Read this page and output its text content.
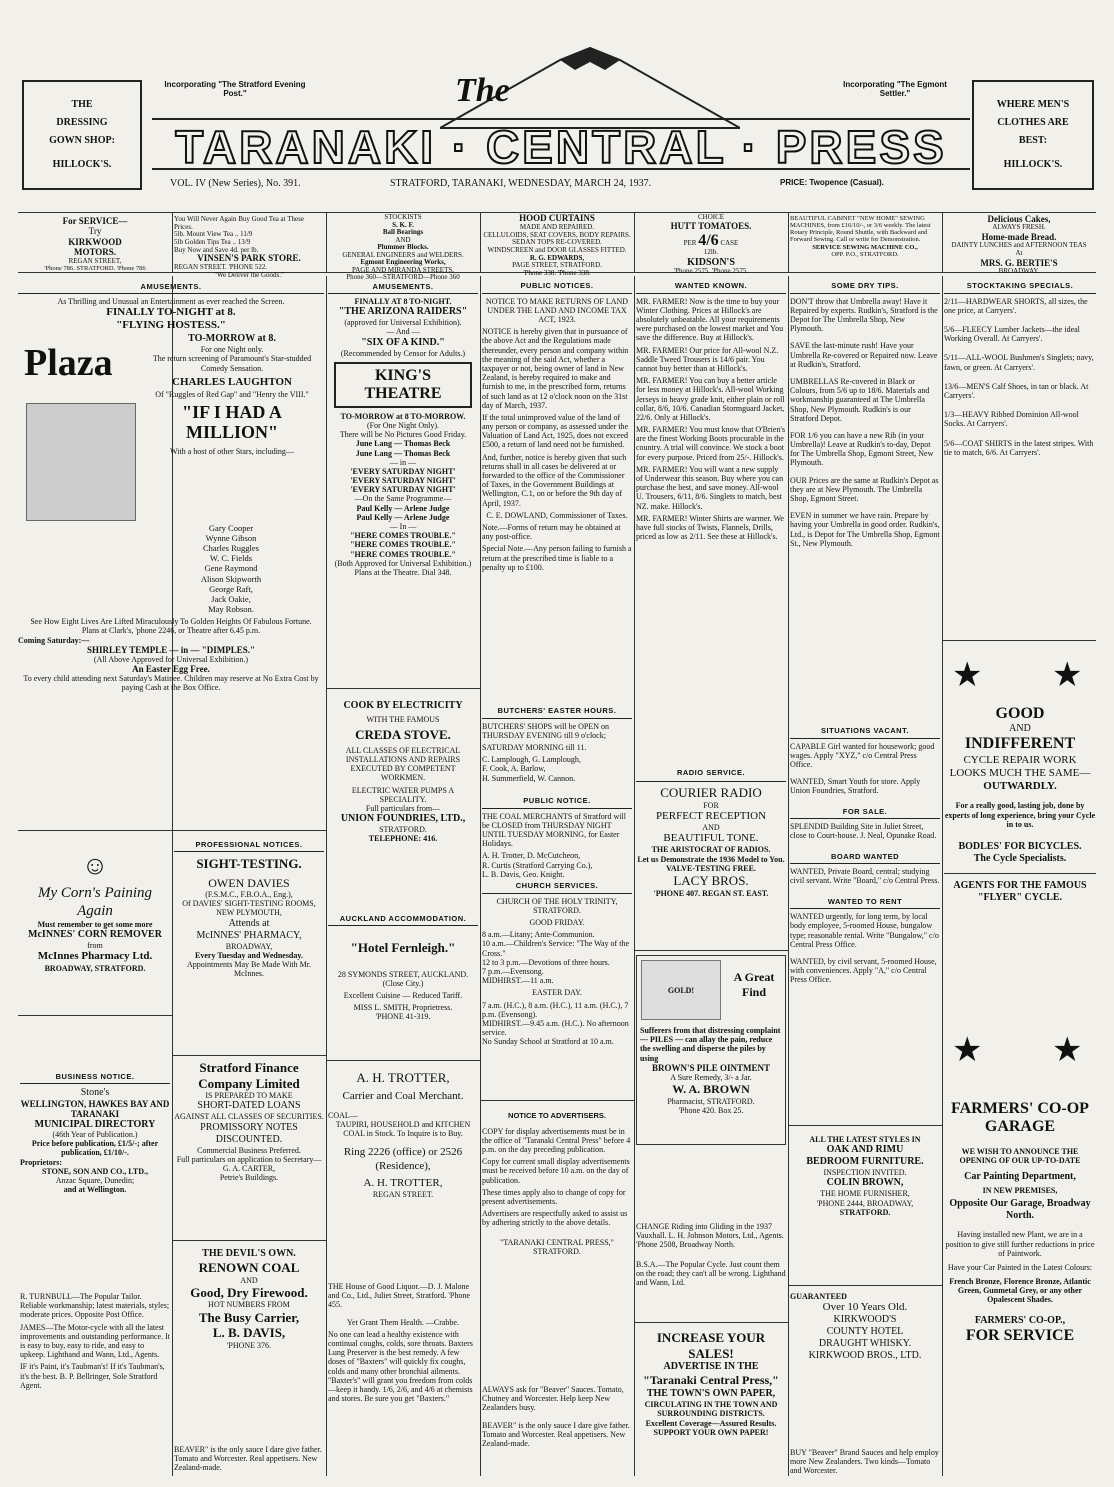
THE
DRESSING
GOWN SHOP:
HILLOCK'S.
WHERE MEN'S
CLOTHES ARE
BEST:
HILLOCK'S.
Incorporating "The Stratford Evening Post."
Incorporating "The Egmont Settler."
The
TARANAKI · CENTRAL · PRESS
VOL. IV (New Series), No. 391.	STRATFORD, TARANAKI, WEDNESDAY, MARCH 24, 1937.	PRICE: Twopence (Casual).
For SERVICE—
Try
KIRKWOOD
MOTORS.
REGAN STREET,
'Phone 786. STRATFORD. 'Phone 786
You Will Never Again Buy Good Tea at These Prices.
5lb. Mount View Tea .. 11/9
5lb Golden Tips Tea .. 13/9
Buy Now and Save 4d. per lb.
VINSEN'S PARK STORE.
REGAN STREET. 'PHONE 522.
"We Deliver the Goods."
STOCKISTS
S. K. F.
Ball Bearings
AND
Plummer Blocks.
GENERAL ENGINEERS and WELDERS.
Egmont Engineering Works,
PAGE AND MIRANDA STREETS,
Phone 360—STRATFORD—Phone 360
HOOD CURTAINS
MADE AND REPAIRED.
CELLULOIDS, SEAT COVERS, BODY REPAIRS.
SEDAN TOPS RE-COVERED.
WINDSCREEN and DOOR GLASSES FITTED.
R. G. EDWARDS,
PAGE STREET, STRATFORD.
'Phone 338. 'Phone 338.
CHOICE
HUTT TOMATOES.
PER 4/6 CASE
12lb.
KIDSON'S
'Phone 2575. 'Phone 2575.
BEAUTIFUL CABINET "NEW HOME" SEWING MACHINES, from £16/10/-, or 3/6 weekly. The latest Rotary Principle, Round Shuttle, with Backward and Forward Sewing. Call or write for Demonstration.
SERVICE SEWING MACHINE CO.,
OPP. P.O., STRATFORD.
Delicious Cakes,
ALWAYS FRESH.
Home-made Bread.
DAINTY LUNCHES and AFTERNOON TEAS
At
MRS. G. BERTIE'S
BROADWAY.
AMUSEMENTS.
As Thrilling and Unusual an Entertainment as ever reached the Screen.
FINALLY TO-NIGHT at 8.
"FLYING HOSTESS."
Plaza
TO-MORROW at 8.
For one Night only.
The return screening of Paramount's Star-studded Comedy Sensation.
CHARLES LAUGHTON
Of "Ruggles of Red Gap" and "Henry the VIII."
"IF I HAD A MILLION"
With a host of other Stars, including—
Gary Cooper
Wynne Gibson
Charles Ruggles
W. C. Fields
Gene Raymond
Alison Skipworth
George Raft,
Jack Oakie,
May Robson.
See How Eight Lives Are Lifted Miraculously To Golden Heights Of Fabulous Fortune.
Plans at Clark's, 'phone 2246, or Theatre after 6.45 p.m.
Coming Saturday:—
SHIRLEY TEMPLE — in — "DIMPLES."
(All Above Approved for Universal Exhibition.)
An Easter Egg Free.
To every child attending next Saturday's Matinee. Children may reserve at No Extra Cost by paying Cash at the Box Office.
☺
My Corn's Paining Again
Must remember to get some more
McINNES' CORN REMOVER
from
McInnes Pharmacy Ltd.
BROADWAY, STRATFORD.
BUSINESS NOTICE.
Stone's
WELLINGTON, HAWKES BAY AND TARANAKI
MUNICIPAL DIRECTORY
(46th Year of Publication.)
Price before publication, £1/5/-; after publication, £1/10/-.
Proprietors:
STONE, SON AND CO., LTD.,
Anzac Square, Dunedin;
and at Wellington.

R. TURNBULL—The Popular Tailor. Reliable workmanship; latest materials, styles; moderate prices. Opposite Post Office.

JAMES—The Motor-cycle with all the latest improvements and outstanding performance. It is easy to buy, easy to ride, and easy to upkeep. Lighthand and Wann, Ltd., Agents.

IF it's Paint, it's Taubman's! If it's Taubman's, it's the best. B. P. Bellringer, Sole Stratford Agent.

PROFESSIONAL NOTICES.
SIGHT-TESTING.
OWEN DAVIES
(F.S.M.C., F.B.O.A., Eng.),
Of DAVIES' SIGHT-TESTING ROOMS, NEW PLYMOUTH,
Attends at
McINNES' PHARMACY,
BROADWAY,
Every Tuesday and Wednesday.
Appointments May Be Made With Mr. McInnes.
Stratford Finance Company Limited
IS PREPARED TO MAKE
SHORT-DATED LOANS
AGAINST ALL CLASSES OF SECURITIES.
PROMISSORY NOTES DISCOUNTED.
Commercial Business Preferred.
Full particulars on application to Secretary—
G. A. CARTER,
Petrie's Buildings.
THE DEVIL'S OWN.
RENOWN COAL
AND
Good, Dry Firewood.
HOT NUMBERS FROM
The Busy Carrier,
L. B. DAVIS,
'PHONE 376.
BEAVER" is the only sauce I dare give father. Tomato and Worcester. Real appetisers. New Zealand-made.
AMUSEMENTS.
FINALLY AT 8 TO-NIGHT.
"THE ARIZONA RAIDERS"
(approved for Universal Exhibition).
— And —
"SIX OF A KIND."
(Recommended by Censor for Adults.)
KING'S THEATRE
TO-MORROW at 8 TO-MORROW.
(For One Night Only).
There will be No Pictures Good Friday.
June Lang — Thomas Beck
June Lang — Thomas Beck
— in —
'EVERY SATURDAY NIGHT'
'EVERY SATURDAY NIGHT'
'EVERY SATURDAY NIGHT'
—On the Same Programme—
Paul Kelly — Arlene Judge
Paul Kelly — Arlene Judge
— In —
"HERE COMES TROUBLE."
"HERE COMES TROUBLE."
"HERE COMES TROUBLE."
(Both Approved for Universal Exhibition.)
Plans at the Theatre. Dial 348.
COOK BY ELECTRICITY
WITH THE FAMOUS
CREDA STOVE.
ALL CLASSES OF ELECTRICAL INSTALLATIONS AND REPAIRS EXECUTED BY COMPETENT WORKMEN.
ELECTRIC WATER PUMPS A SPECIALITY.
Full particulars from—
UNION FOUNDRIES, LTD.,
STRATFORD.
TELEPHONE: 416.
AUCKLAND ACCOMMODATION.
"Hotel Fernleigh."
28 SYMONDS STREET, AUCKLAND. (Close City.)
Excellent Cuisine — Reduced Tariff.
MISS L. SMITH, Proprietress.
'PHONE 41-319.
A. H. TROTTER,
Carrier and Coal Merchant.
COAL—
TAUPIRI, HOUSEHOLD and KITCHEN COAL in Stock. To Inquire is to Buy.
Ring 2226 (office) or 2526 (Residence),
A. H. TROTTER,
REGAN STREET.

THE House of Good Liquor.—D. J. Malone and Co., Ltd., Juliet Street, Stratford. 'Phone 455.

Yet Grant Them Health. —Crabbe.

No one can lead a healthy existence with continual coughs, colds, sore throats. Baxters Lung Preserver is the best remedy. A few doses of "Baxters" will quickly fix coughs, colds and many other bronchial ailments. "Baxter's" will grant you freedom from colds—keep it handy. 1/6, 2/6, and 4/6 at chemists and stores. Be sure you get "Baxters."

PUBLIC NOTICES.

NOTICE TO MAKE RETURNS OF LAND UNDER THE LAND AND INCOME TAX ACT, 1923.

NOTICE is hereby given that in pursuance of the above Act and the Regulations made thereunder, every person and company within the meaning of the said Act, whether a taxpayer or not, being owner of land in New Zealand, is hereby required to make and furnish to me, in the prescribed form, returns of such land as at 12 o'clock noon on the 31st day of March, 1937.

If the total unimproved value of the land of any person or company, as assessed under the Valuation of Land Act, 1925, does not exceed £500, a return of land need not be furnished.

And, further, notice is hereby given that such returns shall in all cases be delivered at or forwarded to the office of the Commissioner of Taxes, in the Government Buildings at Wellington, C.1, on or before the 9th day of April, 1937.

C. E. DOWLAND, Commissioner of Taxes.

Note.—Forms of return may be obtained at any post-office.

Special Note.—Any person failing to furnish a return at the prescribed time is liable to a penalty up to £100.

BUTCHERS' EASTER HOURS.

BUTCHERS' SHOPS will be OPEN on THURSDAY EVENING till 9 o'clock;

SATURDAY MORNING till 11.

C. Lamplough, G. Lamplough,
F. Cook, A. Barlow,
H. Summerfield, W. Cannon.
PUBLIC NOTICE.

THE COAL MERCHANTS of Stratford will be CLOSED from THURSDAY NIGHT UNTIL TUESDAY MORNING, for Easter Holidays.

A. H. Trotter, D. McCutcheon,
R. Curtis (Stratford Carrying Co.),
L. B. Davis, Geo. Knight.
CHURCH SERVICES.

CHURCH OF THE HOLY TRINITY, STRATFORD.

GOOD FRIDAY.

8 a.m.—Litany; Ante-Communion.
10 a.m.—Children's Service: "The Way of the Cross."
12 to 3 p.m.—Devotions of three hours.
7 p.m.—Evensong.
MIDHIRST.—11 a.m.

EASTER DAY.

7 a.m. (H.C.), 8 a.m. (H.C.), 11 a.m. (H.C.), 7 p.m. (Evensong).
MIDHIRST.—9.45 a.m. (H.C.). No afternoon service.
No Sunday School at Stratford at 10 a.m.
NOTICE TO ADVERTISERS.

COPY for display advertisements must be in the office of "Taranaki Central Press" before 4 p.m. on the day preceding publication.

Copy for current small display advertisements must be received before 10 a.m. on the day of publication.

These times apply also to change of copy for present advertisements.

Advertisers are respectfully asked to assist us by adhering strictly to the above details.

"TARANAKI CENTRAL PRESS," STRATFORD.

ALWAYS ask for "Beaver" Sauces. Tomato, Chutney and Worcester. Help keep New Zealanders busy.

BEAVER" is the only sauce I dare give father. Tomato and Worcester. Real appetisers. New Zealand-made.

WANTED KNOWN.

MR. FARMER! Now is the time to buy your Winter Clothing. Prices at Hillock's are absolutely unbeatable. All your requirements were purchased on the lowest market and You save the difference. Buy at Hillock's.

MR. FARMER! Our price for All-wool N.Z. Saddle Tweed Trousers is 14/6 pair. You cannot buy better than at Hillock's.

MR. FARMER! You can buy a better article for less money at Hillock's. All-wool Working Jerseys in heavy grade knit, either plain or roll collar, 8/6, 10/6. Canadian Stormguard Jacket, 22/6. Only at Hillock's.

MR. FARMER! You must know that O'Brien's are the finest Working Boots procurable in the country. A trial will convince. We stock a boot for every purpose. Priced from 25/-. Hillock's.

MR. FARMER! You will want a new supply of Underwear this season. Buy where you can purchase the best, and save money. All-wool U. Trousers, 6/11, 8/6. Singlets to match, best NZ. make. Hillock's.

MR. FARMER! Winter Shirts are warmer. We have full stocks of Twists, Flannels, Drills, priced as low as 2/11. See these at Hillock's.

RADIO SERVICE.
COURIER RADIO
FOR
PERFECT RECEPTION
AND
BEAUTIFUL TONE.
THE ARISTOCRAT OF RADIOS.
Let us Demonstrate the 1936 Model to You.
VALVE-TESTING FREE.
LACY BROS.
'PHONE 407. REGAN ST. EAST.
GOLD!
A Great Find
Sufferers from that distressing complaint— PILES — can allay the pain, reduce the swelling and disperse the piles by using
BROWN'S PILE OINTMENT
A Sure Remedy, 3/- a Jar.
W. A. BROWN
Pharmacist, STRATFORD.
'Phone 420. Box 25.

CHANGE Riding into Gliding in the 1937 Vauxhall. L. H. Johnson Motors, Ltd., Agents. 'Phone 2508, Broadway North.

B.S.A.—The Popular Cycle. Just count them on the road; they can't all be wrong. Lighthand and Wann, Ltd.

INCREASE YOUR SALES!
ADVERTISE IN THE
"Taranaki Central Press,"
THE TOWN'S OWN PAPER,
CIRCULATING IN THE TOWN AND SURROUNDING DISTRICTS.
Excellent Coverage—Assured Results.
SUPPORT YOUR OWN PAPER!
SOME DRY TIPS.

DON'T throw that Umbrella away! Have it Repaired by experts. Rudkin's, Stratford is the Depot for The Umbrella Shop, New Plymouth.

SAVE the last-minute rush! Have your Umbrella Re-covered or Repaired now. Leave at Rudkin's, Stratford.

UMBRELLAS Re-covered in Black or Colours, from 5/6 up to 18/6. Materials and workmanship guaranteed at The Umbrella Shop, New Plymouth. Rudkin's is our Stratford Depot.

FOR 1/6 you can have a new Rib (in your Umbrella)! Leave at Rudkin's to-day, Depot for The Umbrella Shop, Egmont Street, New Plymouth.

OUR Prices are the same at Rudkin's Depot as they are at New Plymouth. The Umbrella Shop, Egmont Street.

EVEN in summer we have rain. Prepare by having your Umbrella in good order. Rudkin's, Ltd., is Depot for The Umbrella Shop, Egmont St., New Plymouth.

SITUATIONS VACANT.

CAPABLE Girl wanted for housework; good wages. Apply "XYZ," c/o Central Press Office.

WANTED, Smart Youth for store. Apply Union Foundries, Stratford.

FOR SALE.

SPLENDID Building Site in Juliet Street, close to Court-house. J. Neal, Opunake Road.

BOARD WANTED

WANTED, Private Board, central; studying civil servant. Write "Board," c/o Central Press.

WANTED TO RENT

WANTED urgently, for long term, by local body employee, 5-roomed House, bungalow type; reasonable rental. Write "Bungalow," c/o Central Press Office.

WANTED, by civil servant, 5-roomed House, with conveniences. Apply "A," c/o Central Press Office.

ALL THE LATEST STYLES IN
OAK AND RIMU
BEDROOM FURNITURE.
INSPECTION INVITED.
COLIN BROWN,
THE HOME FURNISHER,
'PHONE 2444, BROADWAY,
STRATFORD.
GUARANTEED
Over 10 Years Old.
KIRKWOOD'S
COUNTY HOTEL
DRAUGHT WHISKY.
KIRKWOOD BROS., LTD.
BUY "Beaver" Brand Sauces and help employ more New Zealanders. Two kinds—Tomato and Worcester.
STOCKTAKING SPECIALS.

2/11—HARDWEAR SHORTS, all sizes, the one price, at Carryers'.

5/6—FLEECY Lumber Jackets—the ideal Working Overall. At Carryers'.

5/11—ALL-WOOL Bushmen's Singlets; navy, fawn, or green. At Carryers'.

13/6—MEN'S Calf Shoes, in tan or black. At Carryers'.

1/3—HEAVY Ribbed Dominion All-wool Socks. At Carryers'.

5/6—COAT SHIRTS in the latest stripes. With tie to match, 6/6. At Carryers'.

★ ★
GOOD
AND
INDIFFERENT
CYCLE REPAIR WORK
LOOKS MUCH THE SAME—
OUTWARDLY.
For a really good, lasting job, done by experts of long experience, bring your Cycle in to us.
BODLES' FOR BICYCLES.
The Cycle Specialists.
AGENTS FOR THE FAMOUS
"FLYER" CYCLE.
★ ★
FARMERS' CO-OP
GARAGE
WE WISH TO ANNOUNCE THE OPENING OF OUR UP-TO-DATE
Car Painting Department,
IN NEW PREMISES,
Opposite Our Garage, Broadway North.
Having installed new Plant, we are in a position to give still further reductions in price of Paintwork.
Have your Car Painted in the Latest Colours:
French Bronze, Florence Bronze, Atlantic Green, Gunmetal Grey, or any other Opalescent Shades.
FARMERS' CO-OP.,
FOR SERVICE
